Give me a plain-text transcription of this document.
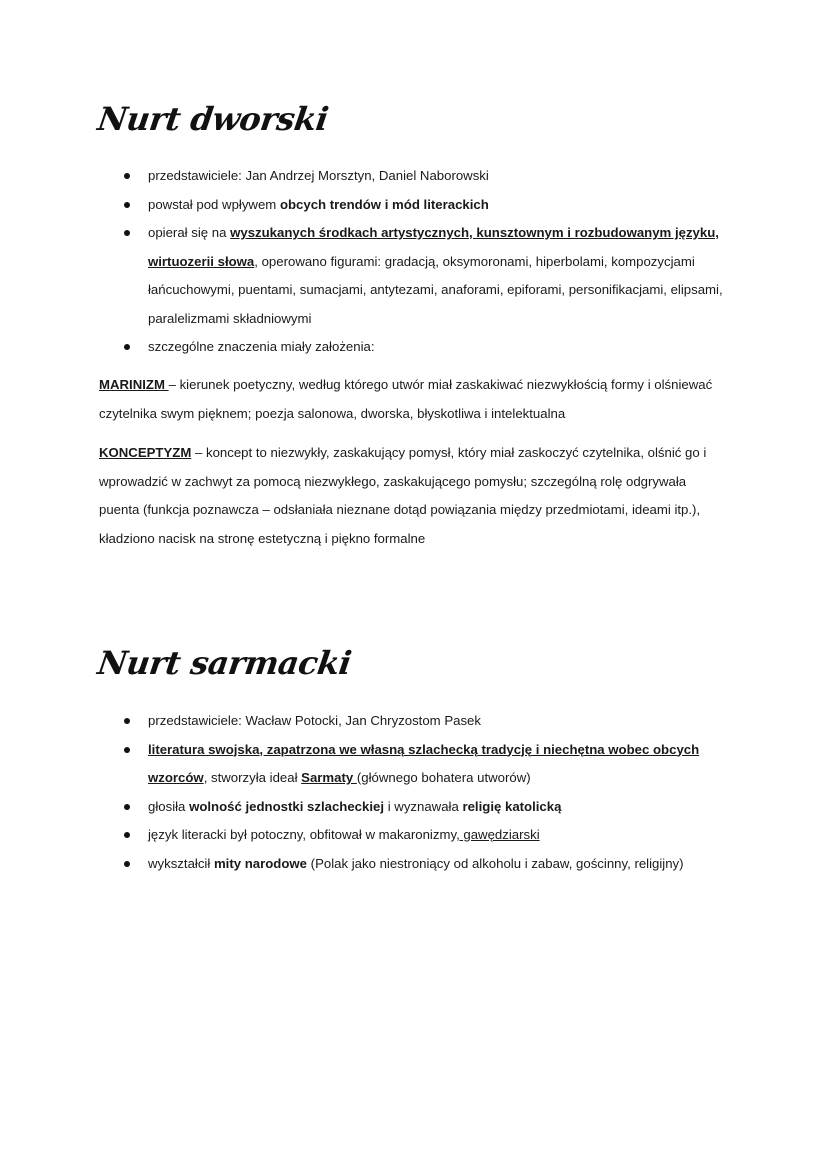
Nurt dworski
przedstawiciele: Jan Andrzej Morsztyn, Daniel Naborowski
powstał pod wpływem obcych trendów i mód literackich
opierał się na wyszukanych środkach artystycznych, kunsztownym i rozbudowanym języku, wirtuozerii słowa, operowano figurami: gradacją, oksymoronami, hiperbolami, kompozycjami łańcuchowymi, puentami, sumacjami, antytezami, anaforami, epiforami, personifikacjami, elipsami, paralelizmami składniowymi
szczególne znaczenia miały założenia:

MARINIZM – kierunek poetyczny, według którego utwór miał zaskakiwać niezwykłością formy i olśniewać czytelnika swym pięknem; poezja salonowa, dworska, błyskotliwa i intelektualna

KONCEPTYZM – koncept to niezwykły, zaskakujący pomysł, który miał zaskoczyć czytelnika, olśnić go i wprowadzić w zachwyt za pomocą niezwykłego, zaskakującego pomysłu; szczególną rolę odgrywała puenta (funkcja poznawcza – odsłaniała nieznane dotąd powiązania między przedmiotami, ideami itp.), kładziono nacisk na stronę estetyczną i piękno formalne

Nurt sarmacki
przedstawiciele: Wacław Potocki, Jan Chryzostom Pasek
literatura swojska, zapatrzona we własną szlachecką tradycję i niechętna wobec obcych wzorców, stworzyła ideał Sarmaty (głównego bohatera utworów)
głosiła wolność jednostki szlacheckiej i wyznawała religię katolicką
język literacki był potoczny, obfitował w makaronizmy, gawędziarski
wykształcił mity narodowe (Polak jako niestroniący od alkoholu i zabaw, gościnny, religijny)
